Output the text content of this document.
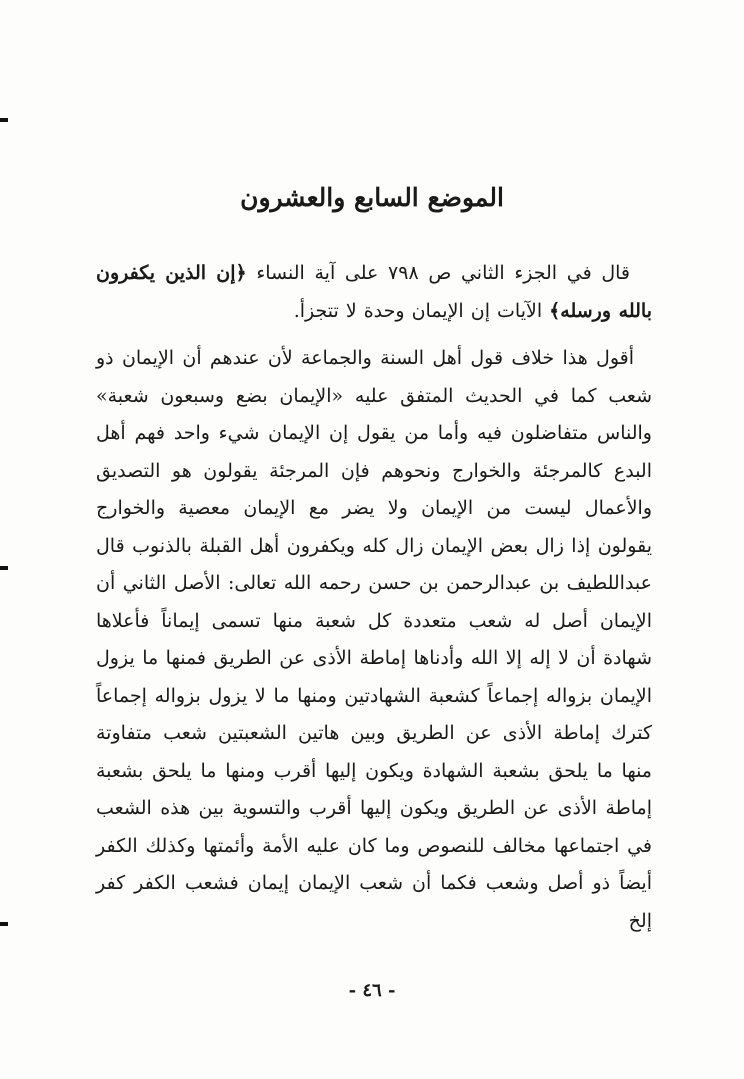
الموضع السابع والعشرون

قال في الجزء الثاني ص ٧٩٨ على آية النساء ﴿إن الذين يكفرون بالله ورسله﴾ الآيات إن الإيمان وحدة لا تتجزأ.

أقول هذا خلاف قول أهل السنة والجماعة لأن عندهم أن الإيمان ذو شعب كما في الحديث المتفق عليه «الإيمان بضع وسبعون شعبة» والناس متفاضلون فيه وأما من يقول إن الإيمان شيء واحد فهم أهل البدع كالمرجئة والخوارج ونحوهم فإن المرجئة يقولون هو التصديق والأعمال ليست من الإيمان ولا يضر مع الإيمان معصية والخوارج يقولون إذا زال بعض الإيمان زال كله ويكفرون أهل القبلة بالذنوب قال عبداللطيف بن عبدالرحمن بن حسن رحمه الله تعالى: الأصل الثاني أن الإيمان أصل له شعب متعددة كل شعبة منها تسمى إيماناً فأعلاها شهادة أن لا إله إلا الله وأدناها إماطة الأذى عن الطريق فمنها ما يزول الإيمان بزواله إجماعاً كشعبة الشهادتين ومنها ما لا يزول بزواله إجماعاً كترك إماطة الأذى عن الطريق وبين هاتين الشعبتين شعب متفاوتة منها ما يلحق بشعبة الشهادة ويكون إليها أقرب ومنها ما يلحق بشعبة إماطة الأذى عن الطريق ويكون إليها أقرب والتسوية بين هذه الشعب في اجتماعها مخالف للنصوص وما كان عليه الأمة وأئمتها وكذلك الكفر أيضاً ذو أصل وشعب فكما أن شعب الإيمان إيمان فشعب الكفر كفر إلخ

- ٤٦ -
